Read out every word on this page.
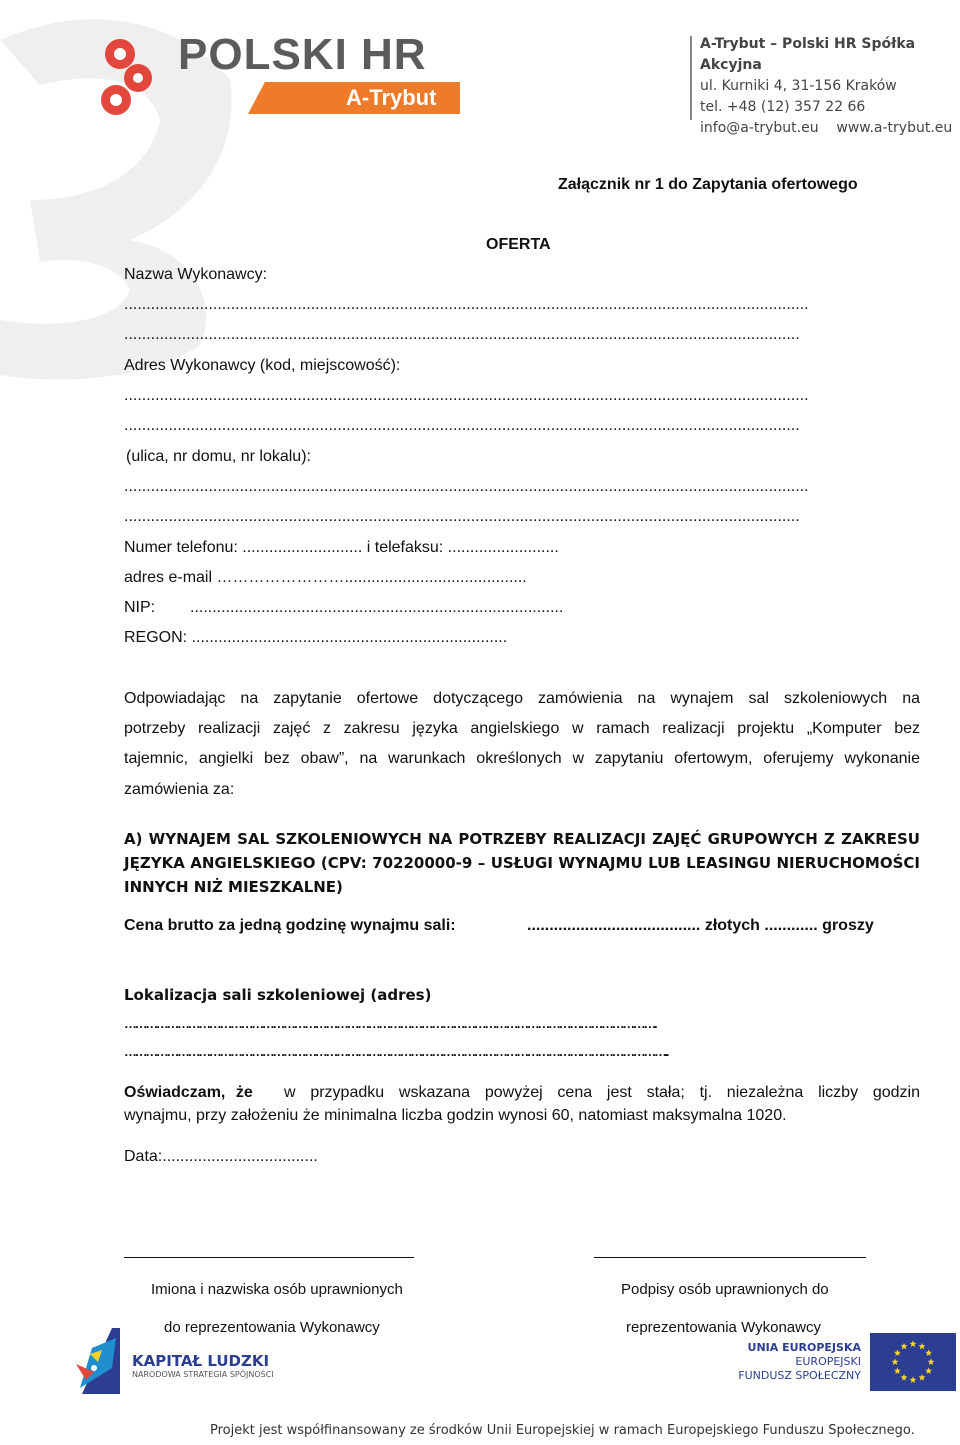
POLSKI HR
A-Trybut
A-Trybut – Polski HR Spółka Akcyjna
ul. Kurniki 4, 31-156 Kraków
tel. +48 (12) 357 22 66
info@a-trybut.eu    www.a-trybut.eu
Załącznik nr 1 do Zapytania ofertowego
OFERTA
Nazwa Wykonawcy:
..........................................................................................................................................................
........................................................................................................................................................
Adres Wykonawcy (kod, miejscowość):
..........................................................................................................................................................
........................................................................................................................................................
(ulica, nr domu, nr lokalu):
..........................................................................................................................................................
........................................................................................................................................................
Numer telefonu: ........................... i telefaksu: .........................
adres e-mail …………………….........................................
NIP: ....................................................................................
REGON: .......................................................................
Odpowiadając na zapytanie ofertowe dotyczącego zamówienia na wynajem sal szkoleniowych na
potrzeby realizacji zajęć z zakresu języka angielskiego w ramach realizacji projektu „Komputer bez
tajemnic, angielki bez obaw”, na warunkach określonych w zapytaniu ofertowym, oferujemy wykonanie
zamówienia za:
A) WYNAJEM SAL SZKOLENIOWYCH NA POTRZEBY REALIZACJI ZAJĘĆ GRUPOWYCH Z ZAKRESU
JĘZYKA ANGIELSKIEGO (CPV: 70220000-9 – USŁUGI WYNAJMU LUB LEASINGU NIERUCHOMOŚCI
INNYCH NIŻ MIESZKALNE)
Cena brutto za jedną godzinę wynajmu sali:	....................................... złotych ............ groszy
Lokalizacja sali szkoleniowej (adres)
…………………………………………………………………………………………………………………………………….
………………………………………………………………………………………………………………………………………..
Oświadczam, że w przypadku wskazana powyżej cena jest stała; tj. niezależna liczby godzin
wynajmu, przy założeniu że minimalna liczba godzin wynosi 60, natomiast maksymalna 1020.
Data:...................................
Imiona i nazwiska osób uprawnionych
do reprezentowania Wykonawcy
Podpisy osób uprawnionych do
reprezentowania Wykonawcy
KAPITAŁ LUDZKI
NARODOWA STRATEGIA SPÓJNOŚCI
UNIA EUROPEJSKA
EUROPEJSKI
FUNDUSZ SPOŁECZNY
Projekt jest współfinansowany ze środków Unii Europejskiej w ramach Europejskiego Funduszu Społecznego.
